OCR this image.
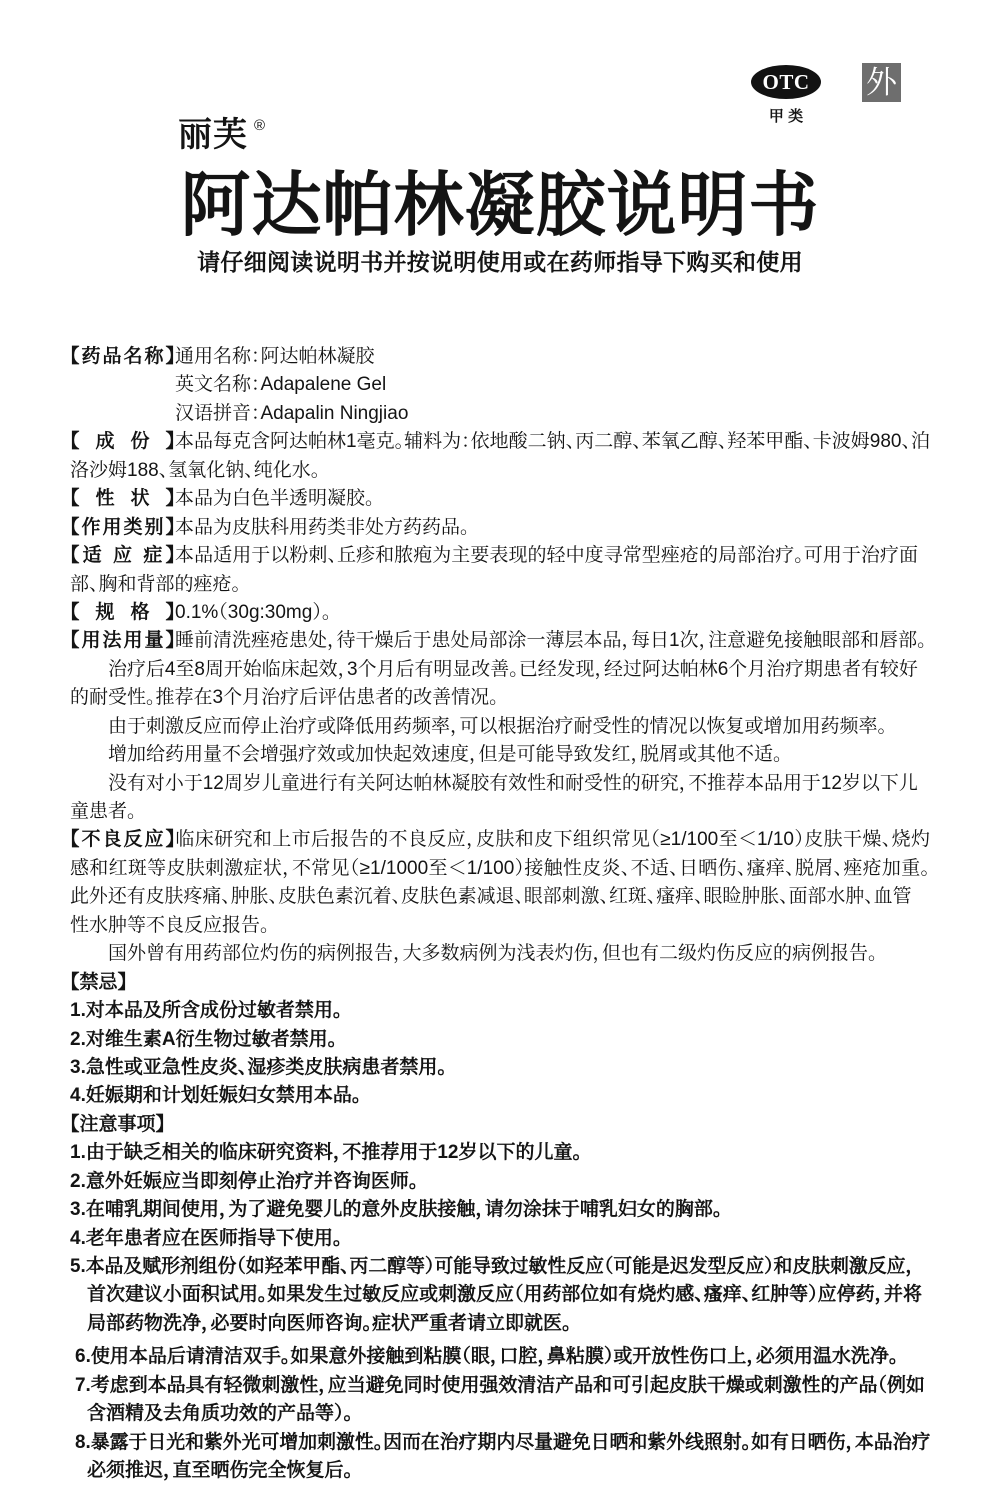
OTC
甲 类
外
丽芙 ®
阿达帕林凝胶说明书
请仔细阅读说明书并按说明使用或在药师指导下购买和使用
【药品名称】通用名称：阿达帕林凝胶
英文名称：Adapalene Gel
汉语拼音：Adapalin Ningjiao
【 成 份 】本品每克含阿达帕林1毫克。辅料为：依地酸二钠、丙二醇、苯氧乙醇、羟苯甲酯、卡波姆980、泊
洛沙姆188、氢氧化钠、纯化水。
【 性 状 】本品为白色半透明凝胶。
【作用类别】本品为皮肤科用药类非处方药药品。
【适 应 症】本品适用于以粉刺、丘疹和脓疱为主要表现的轻中度寻常型痤疮的局部治疗。可用于治疗面
部、胸和背部的痤疮。
【 规 格 】0.1%（30g:30mg）。
【用法用量】睡前清洗痤疮患处，待干燥后于患处局部涂一薄层本品，每日1次，注意避免接触眼部和唇部。
治疗后4至8周开始临床起效，3个月后有明显改善。已经发现，经过阿达帕林6个月治疗期患者有较好
的耐受性。推荐在3个月治疗后评估患者的改善情况。
由于刺激反应而停止治疗或降低用药频率，可以根据治疗耐受性的情况以恢复或增加用药频率。
增加给药用量不会增强疗效或加快起效速度，但是可能导致发红，脱屑或其他不适。
没有对小于12周岁儿童进行有关阿达帕林凝胶有效性和耐受性的研究，不推荐本品用于12岁以下儿
童患者。
【不良反应】临床研究和上市后报告的不良反应，皮肤和皮下组织常见（≥1/100至＜1/10）皮肤干燥、烧灼
感和红斑等皮肤刺激症状，不常见（≥1/1000至＜1/100）接触性皮炎、不适、日晒伤、瘙痒、脱屑、痤疮加重。
此外还有皮肤疼痛、肿胀、皮肤色素沉着、皮肤色素减退、眼部刺激、红斑、瘙痒、眼睑肿胀、面部水肿、血管
性水肿等不良反应报告。
国外曾有用药部位灼伤的病例报告，大多数病例为浅表灼伤，但也有二级灼伤反应的病例报告。
【禁忌】
1.对本品及所含成份过敏者禁用。
2.对维生素A衍生物过敏者禁用。
3.急性或亚急性皮炎、湿疹类皮肤病患者禁用。
4.妊娠期和计划妊娠妇女禁用本品。
【注意事项】
1.由于缺乏相关的临床研究资料，不推荐用于12岁以下的儿童。
2.意外妊娠应当即刻停止治疗并咨询医师。
3.在哺乳期间使用，为了避免婴儿的意外皮肤接触，请勿涂抹于哺乳妇女的胸部。
4.老年患者应在医师指导下使用。
5.本品及赋形剂组份（如羟苯甲酯、丙二醇等）可能导致过敏性反应（可能是迟发型反应）和皮肤刺激反应，
首次建议小面积试用。如果发生过敏反应或刺激反应（用药部位如有烧灼感、瘙痒、红肿等）应停药，并将
局部药物洗净，必要时向医师咨询。症状严重者请立即就医。
6.使用本品后请清洁双手。如果意外接触到粘膜（眼，口腔，鼻粘膜）或开放性伤口上，必须用温水洗净。
7.考虑到本品具有轻微刺激性，应当避免同时使用强效清洁产品和可引起皮肤干燥或刺激性的产品（例如
含酒精及去角质功效的产品等）。
8.暴露于日光和紫外光可增加刺激性。因而在治疗期内尽量避免日晒和紫外线照射。如有日晒伤，本品治疗
必须推迟，直至晒伤完全恢复后。
